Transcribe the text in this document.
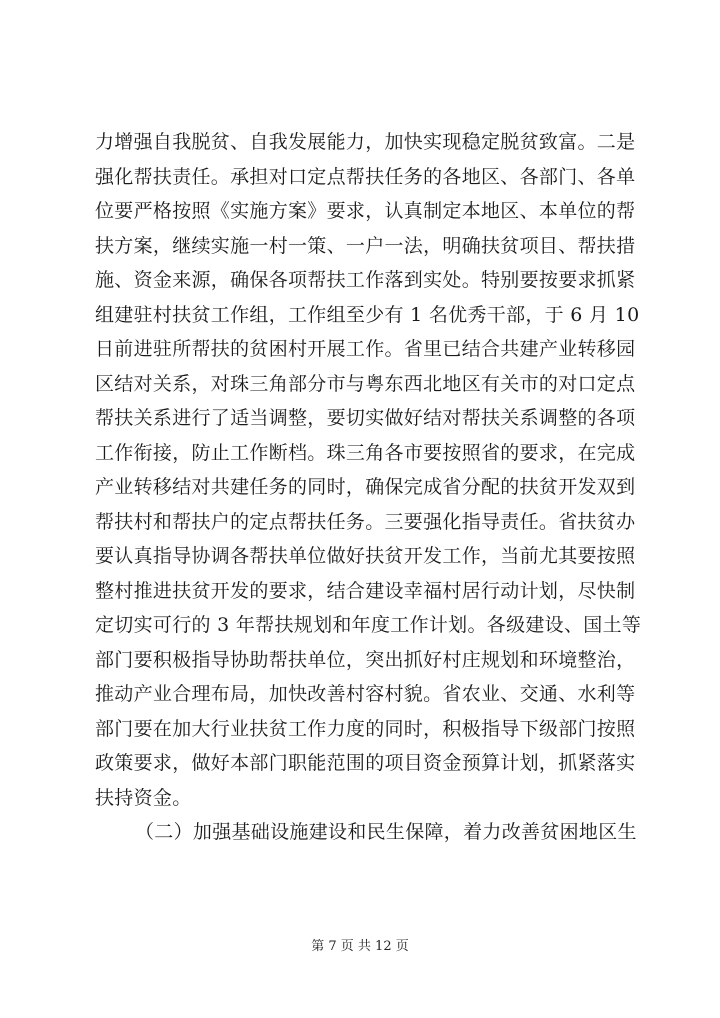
力增强自我脱贫、自我发展能力，加快实现稳定脱贫致富。二是
强化帮扶责任。承担对口定点帮扶任务的各地区、各部门、各单
位要严格按照《实施方案》要求，认真制定本地区、本单位的帮
扶方案，继续实施一村一策、一户一法，明确扶贫项目、帮扶措
施、资金来源，确保各项帮扶工作落到实处。特别要按要求抓紧
组建驻村扶贫工作组，工作组至少有 1 名优秀干部，于 6 月 10
日前进驻所帮扶的贫困村开展工作。省里已结合共建产业转移园
区结对关系，对珠三角部分市与粤东西北地区有关市的对口定点
帮扶关系进行了适当调整，要切实做好结对帮扶关系调整的各项
工作衔接，防止工作断档。珠三角各市要按照省的要求，在完成
产业转移结对共建任务的同时，确保完成省分配的扶贫开发双到
帮扶村和帮扶户的定点帮扶任务。三要强化指导责任。省扶贫办
要认真指导协调各帮扶单位做好扶贫开发工作，当前尤其要按照
整村推进扶贫开发的要求，结合建设幸福村居行动计划，尽快制
定切实可行的 3 年帮扶规划和年度工作计划。各级建设、国土等
部门要积极指导协助帮扶单位，突出抓好村庄规划和环境整治，
推动产业合理布局，加快改善村容村貌。省农业、交通、水利等
部门要在加大行业扶贫工作力度的同时，积极指导下级部门按照
政策要求，做好本部门职能范围的项目资金预算计划，抓紧落实
扶持资金。
（二）加强基础设施建设和民生保障，着力改善贫困地区生
第 7 页 共 12 页
